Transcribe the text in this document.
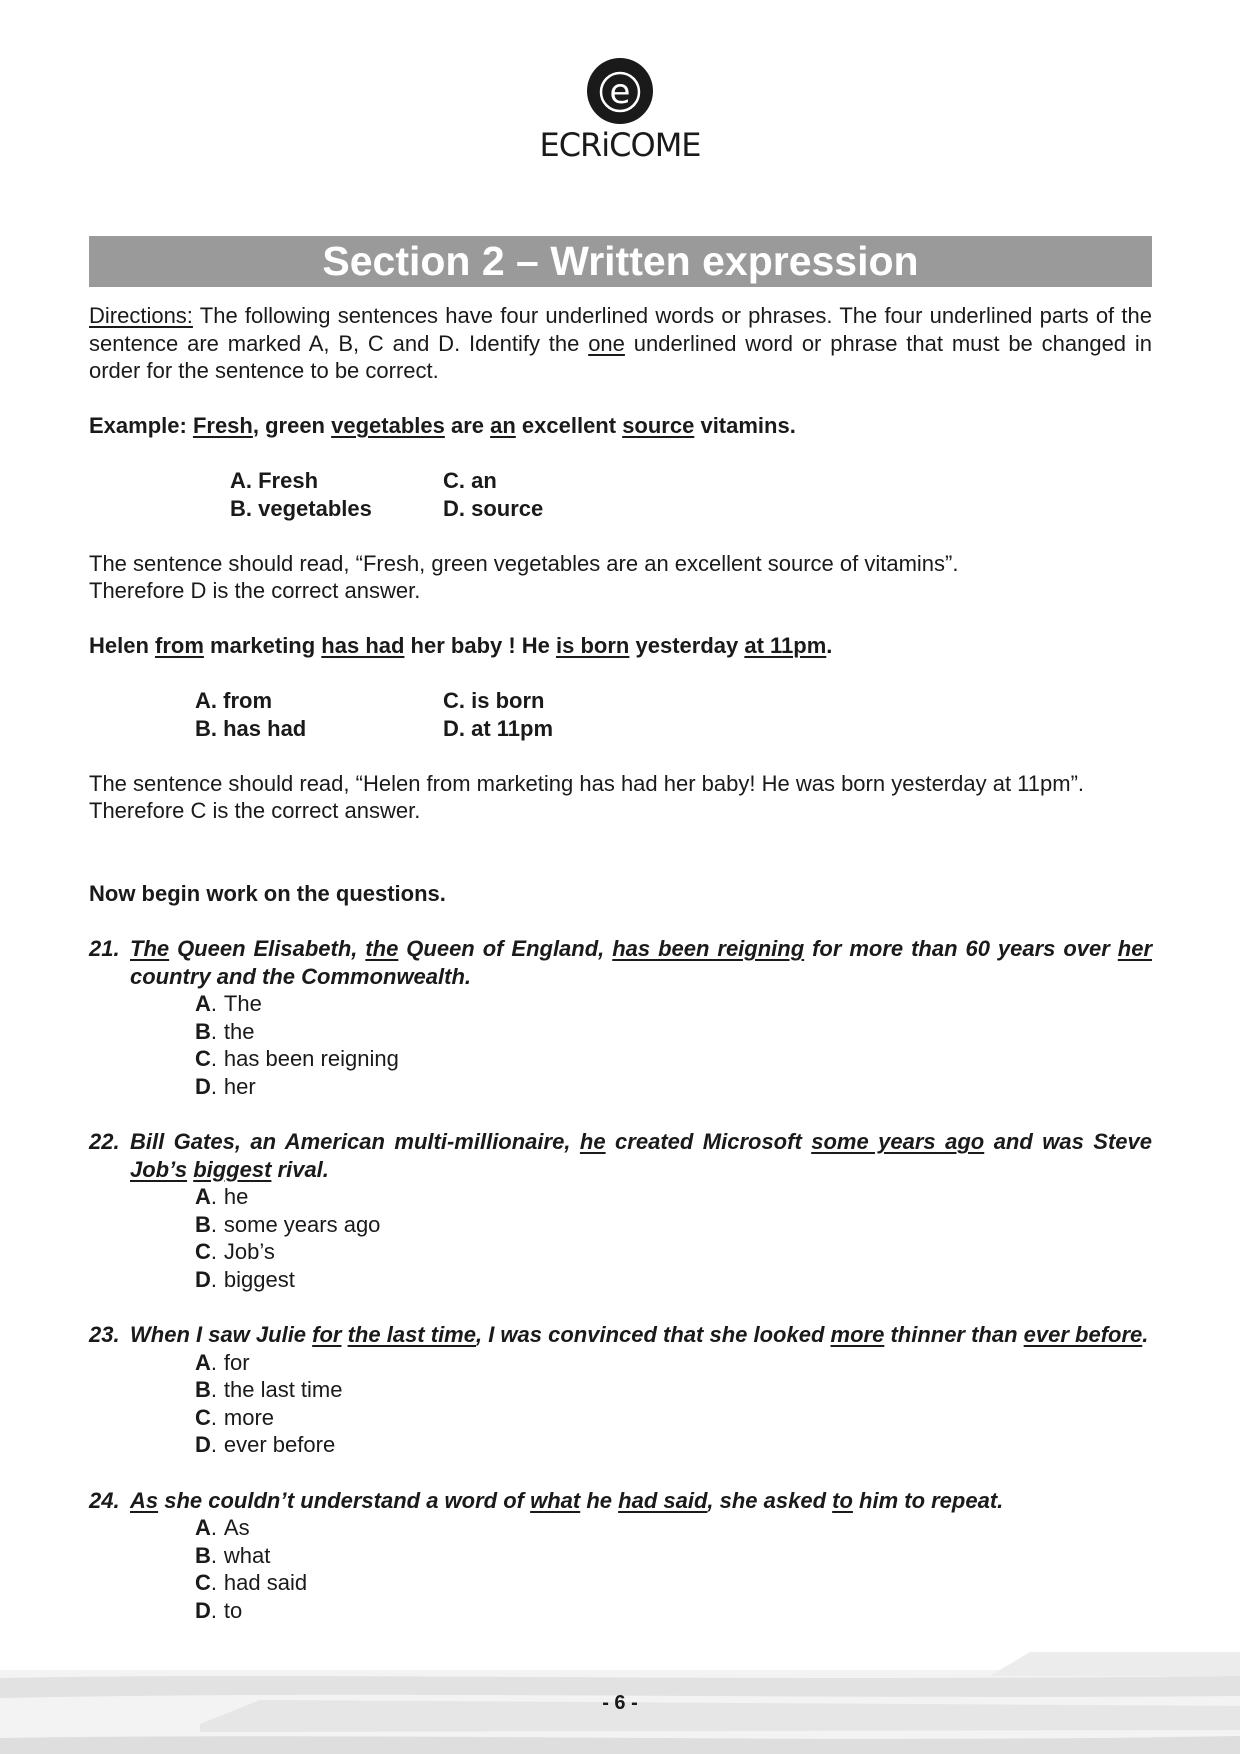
e
ECRiCOME
Section 2 – Written expression

Directions: The following sentences have four underlined words or phrases. The four underlined parts of the sentence are marked A, B, C and D. Identify the one underlined word or phrase that must be changed in order for the sentence to be correct.

Example: Fresh, green vegetables are an excellent source vitamins.

A. Fresh	C. an
B. vegetables	D. source

The sentence should read, “Fresh, green vegetables are an excellent source of vitamins”.

Therefore D is the correct answer.

Helen from marketing has had her baby ! He is born yesterday at 11pm.

A. from	C. is born
B. has had	D. at 11pm

The sentence should read, “Helen from marketing has had her baby! He was born yesterday at 11pm”.

Therefore C is the correct answer.

Now begin work on the questions.

21. The Queen Elisabeth, the Queen of England, has been reigning for more than 60 years over her country and the Commonwealth.
A . The
B . the
C . has been reigning
D . her
22. Bill Gates, an American multi-millionaire, he created Microsoft some years ago and was Steve Job’s biggest rival.
A . he
B . some years ago
C . Job’s
D . biggest
23. When I saw Julie for the last time, I was convinced that she looked more thinner than ever before.
A . for
B . the last time
C . more
D . ever before
24. As she couldn’t understand a word of what he had said, she asked to him to repeat.
A . As
B . what
C . had said
D . to
- 6 -
